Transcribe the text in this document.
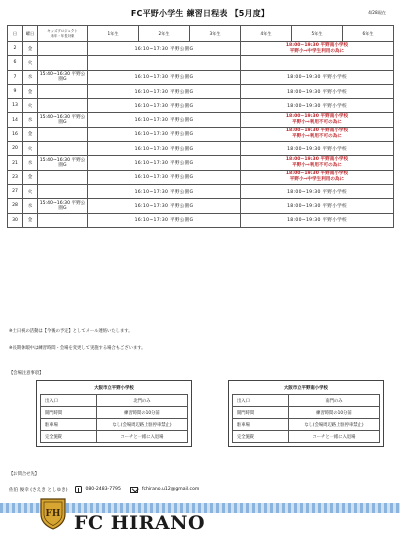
FC平野小学生 練習日程表 【5月度】	4/28現在
日	曜日	キッズプロジェクト
未年・年長対象	1年生	2年生	3年生	4年生	5年生	6年生
2	金		16:10~17:30 平野公園G			18:00~19:30 平野南小学校
平野小⇒中学生利用の為に		

6	火							
7	水	15:40~16:30 平野公園G	16:10~17:30 平野公園G			18:00~19:30 平野小学校		
9	金		16:10~17:30 平野公園G			18:00~19:30 平野小学校		
13	火		16:10~17:30 平野公園G			18:00~19:30 平野小学校		
14	水	15:40~16:30 平野公園G	16:10~17:30 平野公園G			18:00~19:30 平野南小学校
平野小⇒利用不可の為に		

16	金		16:10~17:30 平野公園G			18:00~19:30 平野南小学校
平野小⇒利用不可の為に		

20	火		16:10~17:30 平野公園G			18:00~19:30 平野小学校		
21	水	15:40~16:30 平野公園G	16:10~17:30 平野公園G			18:00~19:30 平野南小学校
平野小⇒利用不可の為に		

23	金		16:10~17:30 平野公園G			18:00~19:30 平野南小学校
平野小⇒中学生利用の為に		

27	火		16:10~17:30 平野公園G			18:00~19:30 平野小学校		
28	水	15:40~16:30 平野公園G	16:10~17:30 平野公園G			18:00~19:30 平野小学校		
30	金		16:10~17:30 平野公園G			18:00~19:30 平野小学校		
※土日祝の活動は【今後の予定】としてメール連絡いたします。
※長期休暇中は練習時間・会場を変更して実施する場合もございます。
【会場注意事項】
大阪市立平野小学校
出入口	北門のみ
開門時間	練習時間の10分前
駐車場	なし(会場周辺路上駐停車禁止)
完全施錠	コーチと一緒に入退場
大阪市立平野南小学校
出入口	南門のみ
開門時間	練習時間の10分前
駐車場	なし(会場周辺路上駐停車禁止)
完全施錠	コーチと一緒に入退場
【お問合せ先】
佐伯 俊幸 (さえき としゆき)	080-2483-7795	fchirano.u12@gmail.com
FH FC HIRANO
